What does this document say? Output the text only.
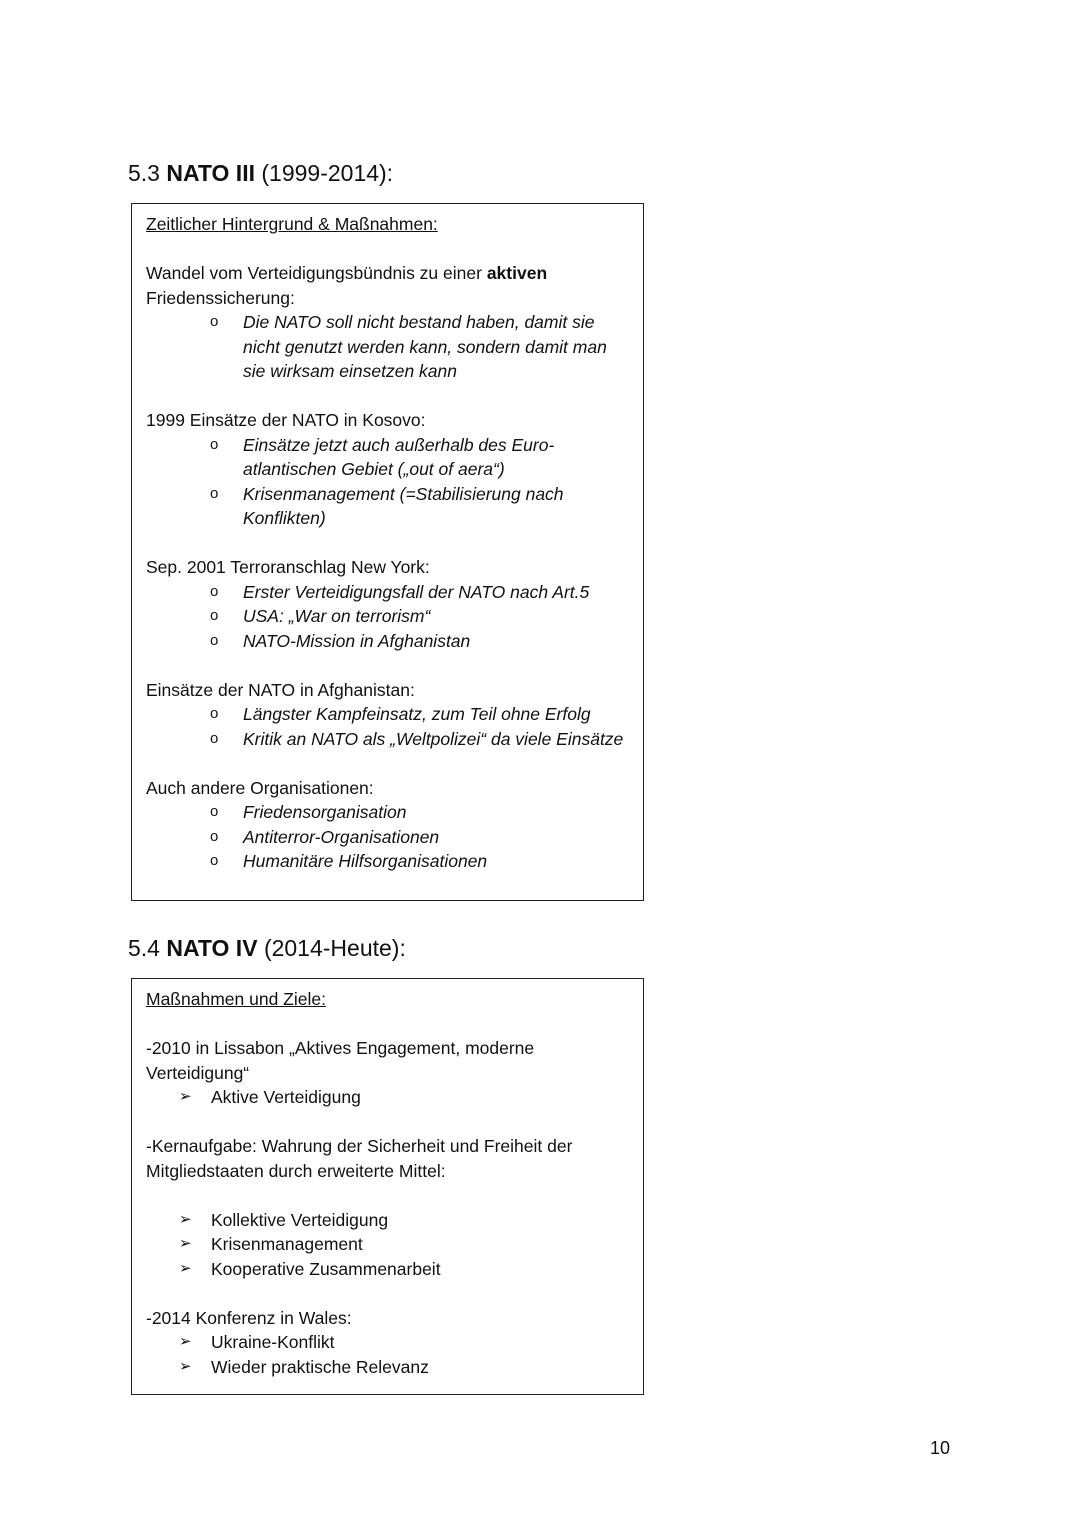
5.3 NATO III (1999-2014):

Zeitlicher Hintergrund & Maßnahmen:

Wandel vom Verteidigungsbündnis zu einer aktiven Friedenssicherung:

o Die NATO soll nicht bestand haben, damit sie nicht genutzt werden kann, sondern damit man sie wirksam einsetzen kann

1999 Einsätze der NATO in Kosovo:

o Einsätze jetzt auch außerhalb des Euro-atlantischen Gebiet („out of aera“)
o Krisenmanagement (=Stabilisierung nach Konflikten)

Sep. 2001 Terroranschlag New York:

o Erster Verteidigungsfall der NATO nach Art.5
o USA: „War on terrorism“
o NATO-Mission in Afghanistan

Einsätze der NATO in Afghanistan:

o Längster Kampfeinsatz, zum Teil ohne Erfolg
o Kritik an NATO als „Weltpolizei“ da viele Einsätze

Auch andere Organisationen:

o Friedensorganisation
o Antiterror-Organisationen
o Humanitäre Hilfsorganisationen
5.4 NATO IV (2014-Heute):

Maßnahmen und Ziele:

-2010 in Lissabon „Aktives Engagement, moderne Verteidigung“

➢ Aktive Verteidigung

-Kernaufgabe: Wahrung der Sicherheit und Freiheit der Mitgliedstaaten durch erweiterte Mittel:

➢ Kollektive Verteidigung
➢ Krisenmanagement
➢ Kooperative Zusammenarbeit

-2014 Konferenz in Wales:

➢ Ukraine-Konflikt
➢ Wieder praktische Relevanz
10
